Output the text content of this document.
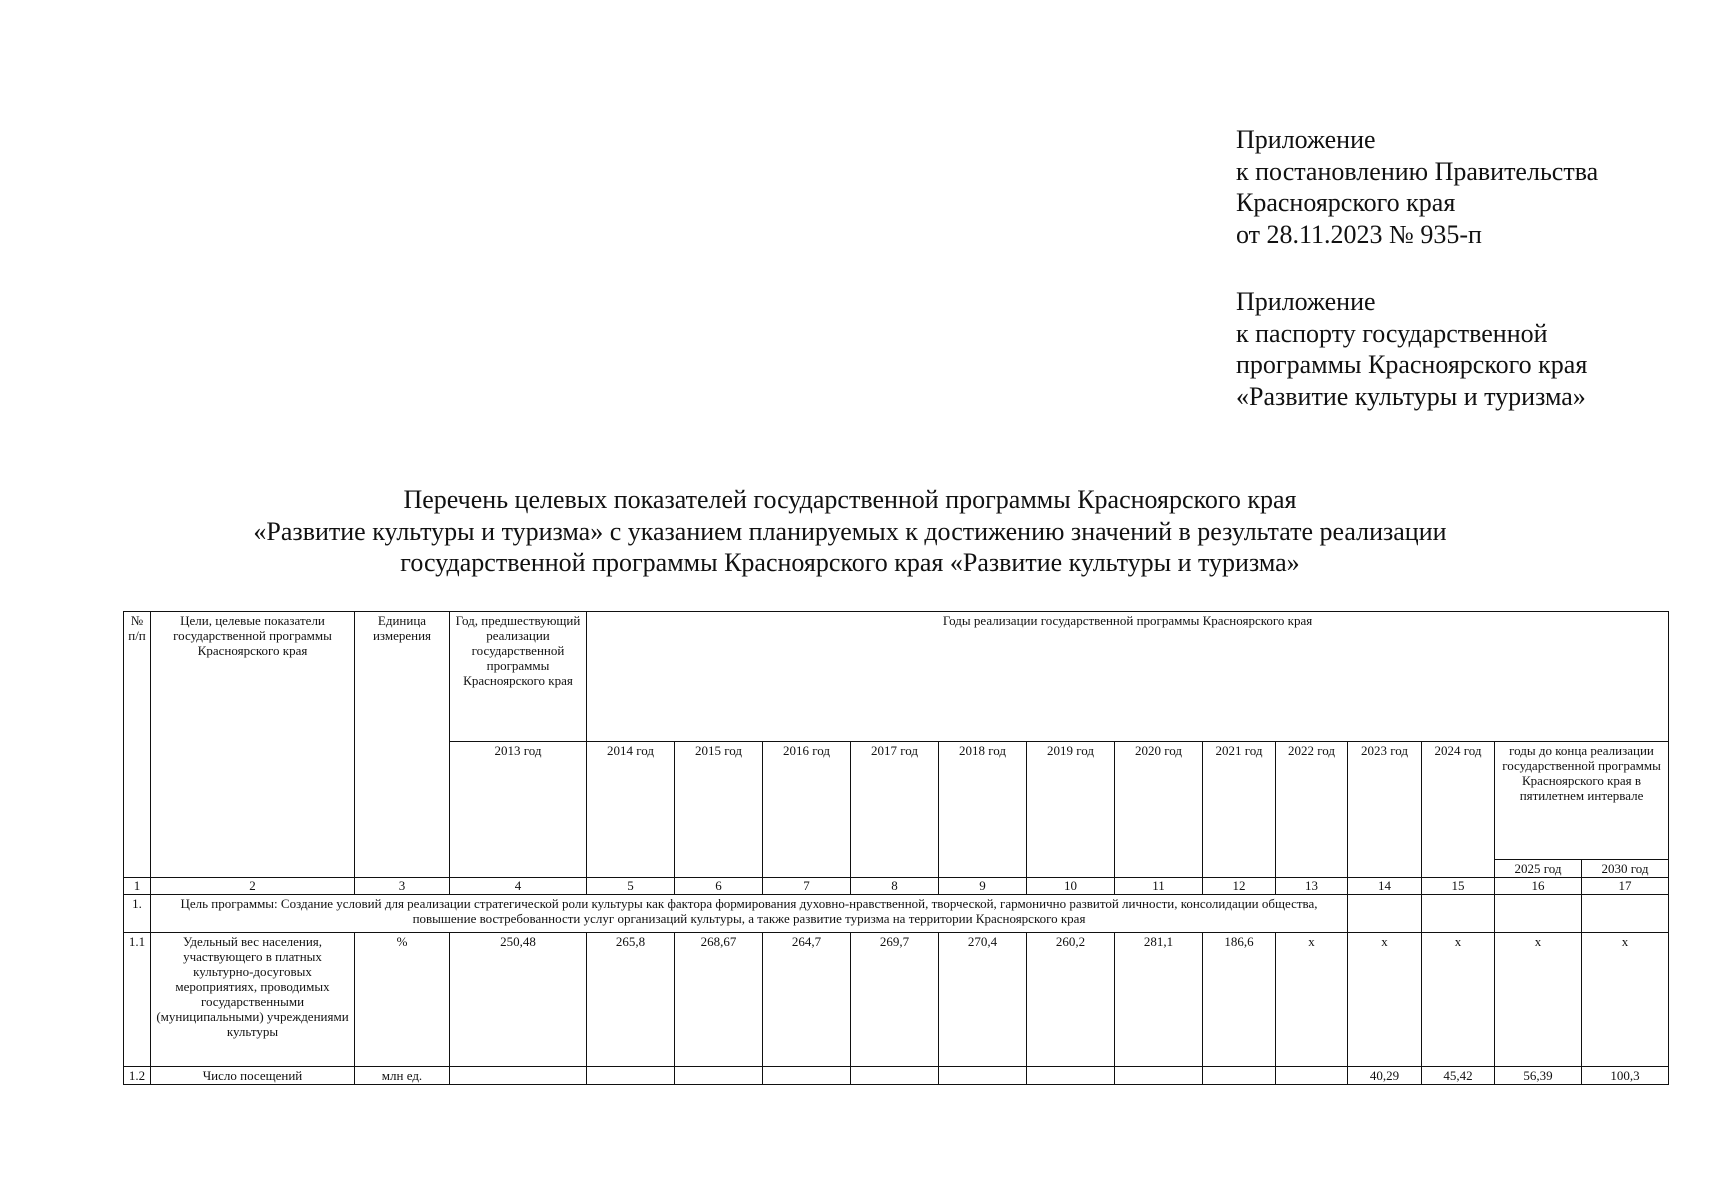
Приложение
к постановлению Правительства
Красноярского края
от 28.11.2023 № 935-п
Приложение
к паспорту государственной
программы Красноярского края
«Развитие культуры и туризма»
Перечень целевых показателей государственной программы Красноярского края
«Развитие культуры и туризма» с указанием планируемых к достижению значений в результате реализации
государственной программы Красноярского края «Развитие культуры и туризма»
№ п/п	Цели, целевые показатели государственной программы Красноярского края	Единица измерения	Год, предшествующий реализации государственной программы Красноярского края	Годы реализации государственной программы Красноярского края												
			2013 год	2014 год	2015 год	2016 год	2017 год	2018 год	2019 год	2020 год	2021 год	2022 год	2023 год	2024 год	годы до конца реализации государственной программы Красноярского края в пятилетнем интервале	
															2025 год	2030 год
1	2	3	4	5	6	7	8	9	10	11	12	13	14	15	16	17
1.	Цель программы: Создание условий для реализации стратегической роли культуры как фактора формирования духовно-нравственной, творческой, гармонично развитой личности, консолидации общества, повышение востребованности услуг организаций культуры, а также развитие туризма на территории Красноярского края															
1.1	Удельный вес населения, участвующего в платных культурно-досуговых мероприятиях, проводимых государственными (муниципальными) учреждениями культуры	%	250,48	265,8	268,67	264,7	269,7	270,4	260,2	281,1	186,6	х	х	х	х	х
1.2	Число посещений	млн ед.											40,29	45,42	56,39	100,3
